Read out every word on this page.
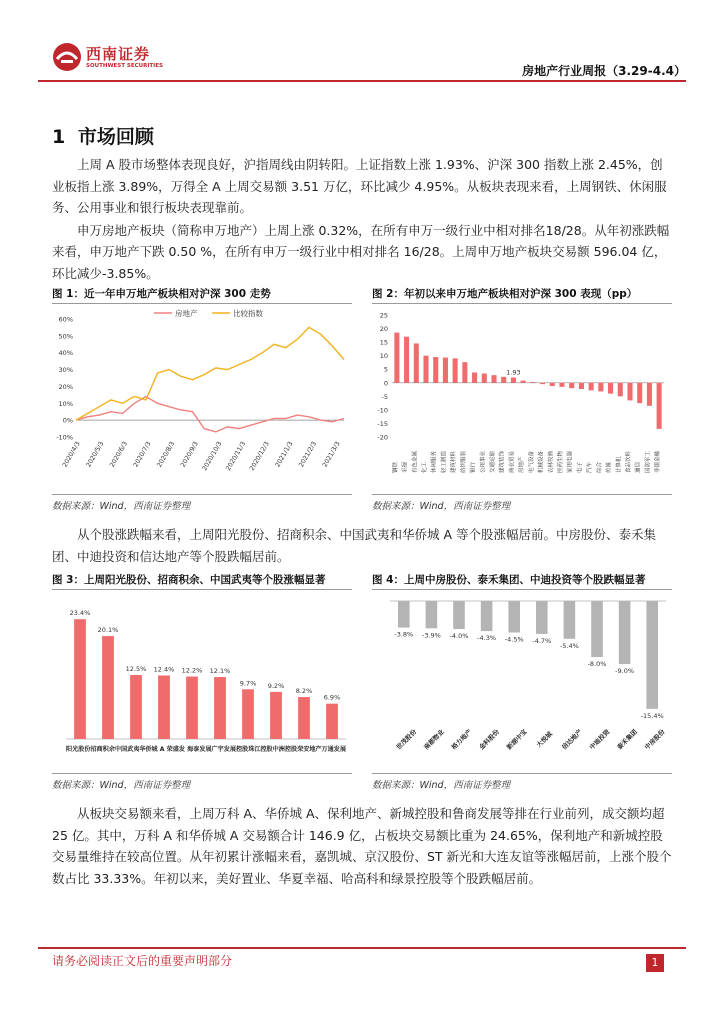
西南证券
SOUTHWEST SECURITIES	房地产行业周报（3.29-4.4）
1 市场回顾

上周 A 股市场整体表现良好，沪指周线由阴转阳。上证指数上涨 1.93%、沪深 300 指数上涨 2.45%，创业板指上涨 3.89%，万得全 A 上周交易额 3.51 万亿，环比减少 4.95%。从板块表现来看，上周钢铁、休闲服务、公用事业和银行板块表现靠前。

申万房地产板块（简称申万地产）上周上涨 0.32%，在所有申万一级行业中相对排名18/28。从年初涨跌幅来看，申万地产下跌 0.50 %，在所有申万一级行业中相对排名 16/28。上周申万地产板块交易额 596.04 亿，环比减少-3.85%。

图 1：近一年申万地产板块相对沪深 300 走势
房地产	比较指数
60%
50%
40%
30%
20%
10%
0%
-10%
2020/4/3 2020/5/3 2020/6/3 2020/7/3 2020/8/3 2020/9/3 2020/10/3 2020/11/3 2020/12/3 2021/1/3 2021/2/3 2021/3/3
数据来源：Wind，西南证券整理
图 2：年初以来申万地产板块相对沪深 300 表现（pp）
25
20
15
10
5
0
-5
-10
-15
-20
钢铁 采掘 有色金属 化工 休闲服务 轻工制造 建筑材料 纺织服装 银行 公用事业 交通运输 建筑装饰 商业贸易 房地产 电气设备 机械设备 农林牧渔 医药生物 家用电器 电子 汽车 综合 传媒 计算机 食品饮料 通信 国防军工 非银金融
1.93
数据来源：Wind，西南证券整理

从个股涨跌幅来看，上周阳光股份、招商积余、中国武夷和华侨城 A 等个股涨幅居前。中房股份、泰禾集团、中迪投资和信达地产等个股跌幅居前。

图 3：上周阳光股份、招商积余、中国武夷等个股涨幅显著
23.4%
20.1%
12.5% 12.4% 12.2% 12.1%
9.7% 9.2%
8.2%
6.9%
阳光股份招商积余中国武夷华侨城 A 荣盛发 海泰发展广宇发展控股珠江控股中洲控股荣安地产万通发展
数据来源：Wind，西南证券整理
图 4：上周中房股份、泰禾集团、中迪投资等个股跌幅显著
-3.8%
世茂股份
-3.9%
南都物业
-4.0%
格力地产
-4.3%
金科股份
-4.5%
新湖中宝
-4.7%
大悦城
-5.4%
信达地产
-8.0%
中迪投资
-9.0%
泰禾集团
-15.4%
中房股份
数据来源：Wind，西南证券整理

从板块交易额来看，上周万科 A、华侨城 A、保利地产、新城控股和鲁商发展等排在行业前列，成交额均超 25 亿。其中，万科 A 和华侨城 A 交易额合计 146.9 亿，占板块交易额比重为 24.65%，保利地产和新城控股交易量维持在较高位置。从年初累计涨幅来看，嘉凯城、京汉股份、ST 新光和大连友谊等涨幅居前，上涨个股个数占比 33.33%。年初以来，美好置业、华夏幸福、哈高科和绿景控股等个股跌幅居前。

请务必阅读正文后的重要声明部分	1
